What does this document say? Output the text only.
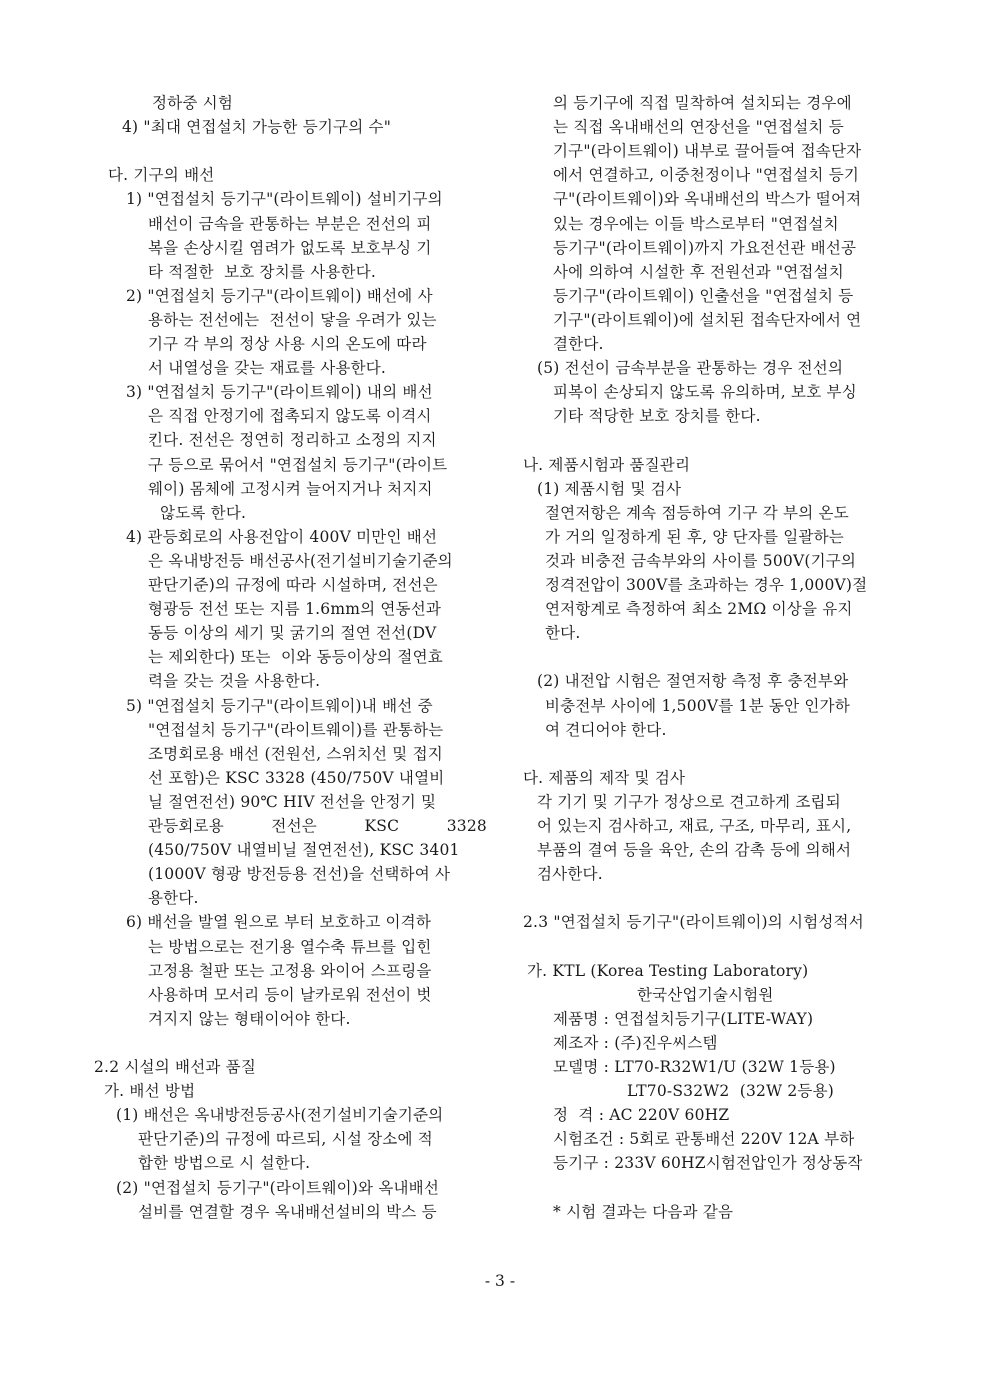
정하중 시험
4) "최대 연접설치 가능한 등기구의 수"
다. 기구의 배선
1) "연접설치 등기구"(라이트웨이) 설비기구의
배선이 금속을 관통하는 부분은 전선의 피
복을 손상시킬 염려가 없도록 보호부싱 기
타 적절한  보호 장치를 사용한다.
2) "연접설치 등기구"(라이트웨이) 배선에 사
용하는 전선에는  전선이 닿을 우려가 있는
기구 각 부의 정상 사용 시의 온도에 따라
서 내열성을 갖는 재료를 사용한다.
3) "연접설치 등기구"(라이트웨이) 내의 배선
은 직접 안정기에 접촉되지 않도록 이격시
킨다. 전선은 정연히 정리하고 소정의 지지
구 등으로 묶어서 "연접설치 등기구"(라이트
웨이) 몸체에 고정시켜 늘어지거나 처지지
않도록 한다.
4) 관등회로의 사용전압이 400V 미만인 배선
은 옥내방전등 배선공사(전기설비기술기준의
판단기준)의 규정에 따라 시설하며, 전선은
형광등 전선 또는 지름 1.6mm의 연동선과
동등 이상의 세기 및 굵기의 절연 전선(DV
는 제외한다) 또는  이와 동등이상의 절연효
력을 갖는 것을 사용한다.
5) "연접설치 등기구"(라이트웨이)내 배선 중
"연접설치 등기구"(라이트웨이)를 관통하는
조명회로용 배선 (전원선, 스위치선 및 접지
선 포함)은 KSC 3328 (450/750V 내열비
닐 절연전선) 90℃ HIV 전선을 안정기 및
관등회로용	전선은	KSC	3328
(450/750V 내열비닐 절연전선), KSC 3401
(1000V 형광 방전등용 전선)을 선택하여 사
용한다.
6) 배선을 발열 원으로 부터 보호하고 이격하
는 방법으로는 전기용 열수축 튜브를 입힌
고정용 철판 또는 고정용 와이어 스프링을
사용하며 모서리 등이 날카로워 전선이 벗
겨지지 않는 형태이어야 한다.
2.2 시설의 배선과 품질
가. 배선 방법
(1) 배선은 옥내방전등공사(전기설비기술기준의
판단기준)의 규정에 따르되, 시설 장소에 적
합한 방법으로 시 설한다.
(2) "연접설치 등기구"(라이트웨이)와 옥내배선
설비를 연결할 경우 옥내배선설비의 박스 등
의 등기구에 직접 밀착하여 설치되는 경우에
는 직접 옥내배선의 연장선을 "연접설치 등
기구"(라이트웨이) 내부로 끌어들여 접속단자
에서 연결하고, 이중천정이나 "연접설치 등기
구"(라이트웨이)와 옥내배선의 박스가 떨어져
있는 경우에는 이들 박스로부터 "연접설치
등기구"(라이트웨이)까지 가요전선관 배선공
사에 의하여 시설한 후 전원선과 "연접설치
등기구"(라이트웨이) 인출선을 "연접설치 등
기구"(라이트웨이)에 설치된 접속단자에서 연
결한다.
(5) 전선이 금속부분을 관통하는 경우 전선의
피복이 손상되지 않도록 유의하며, 보호 부싱
기타 적당한 보호 장치를 한다.
나. 제품시험과 품질관리
(1) 제품시험 및 검사
절연저항은 계속 점등하여 기구 각 부의 온도
가 거의 일정하게 된 후, 양 단자를 일괄하는
것과 비충전 금속부와의 사이를 500V(기구의
정격전압이 300V를 초과하는 경우 1,000V)절
연저항계로 측정하여 최소 2MΩ 이상을 유지
한다.
(2) 내전압 시험은 절연저항 측정 후 충전부와
비충전부 사이에 1,500V를 1분 동안 인가하
여 견디어야 한다.
다. 제품의 제작 및 검사
각 기기 및 기구가 정상으로 견고하게 조립되
어 있는지 검사하고, 재료, 구조, 마무리, 표시,
부품의 결여 등을 육안, 손의 감촉 등에 의해서
검사한다.
2.3 "연접설치 등기구"(라이트웨이)의 시험성적서
가. KTL (Korea Testing Laboratory)
한국산업기술시험원
제품명 : 연접설치등기구(LITE-WAY)
제조자 : (주)진우씨스템
모델명 : LT70-R32W1/U (32W 1등용)
LT70-S32W2  (32W 2등용)
정  격 : AC 220V 60HZ
시험조건 : 5회로 관통배선 220V 12A 부하
등기구 : 233V 60HZ시험전압인가 정상동작
* 시험 결과는 다음과 같음
- 3 -
